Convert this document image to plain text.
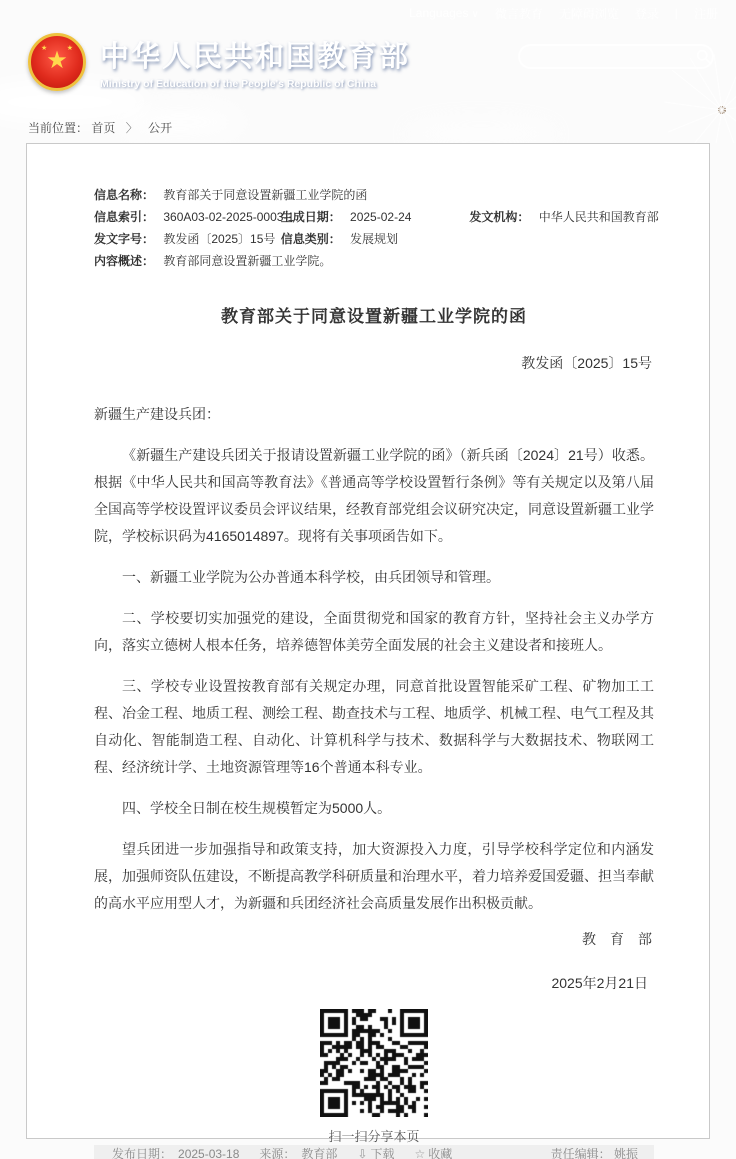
Languages ∨ 微言教育 无障碍浏览 登录 | 注册
★
★	★ 中华人民共和国教育部
Ministry of Education of the People's Republic of China
当前位置： 首页 〉 公开
信息名称： 教育部关于同意设置新疆工业学院的函
信息索引： 360A03-02-2025-0003-1 生成日期： 2025-02-24	发文机构： 中华人民共和国教育部
发文字号： 教发函〔2025〕15号 信息类别： 发展规划
内容概述： 教育部同意设置新疆工业学院。
教育部关于同意设置新疆工业学院的函
教发函〔2025〕15号
新疆生产建设兵团：

《新疆生产建设兵团关于报请设置新疆工业学院的函》（新兵函〔2024〕21号）收悉。根据《中华人民共和国高等教育法》《普通高等学校设置暂行条例》等有关规定以及第八届全国高等学校设置评议委员会评议结果，经教育部党组会议研究决定，同意设置新疆工业学院，学校标识码为4165014897。现将有关事项函告如下。

一、新疆工业学院为公办普通本科学校，由兵团领导和管理。

二、学校要切实加强党的建设，全面贯彻党和国家的教育方针，坚持社会主义办学方向，落实立德树人根本任务，培养德智体美劳全面发展的社会主义建设者和接班人。

三、学校专业设置按教育部有关规定办理，同意首批设置智能采矿工程、矿物加工工程、冶金工程、地质工程、测绘工程、勘查技术与工程、地质学、机械工程、电气工程及其自动化、智能制造工程、自动化、计算机科学与技术、数据科学与大数据技术、物联网工程、经济统计学、土地资源管理等16个普通本科专业。

四、学校全日制在校生规模暂定为5000人。

望兵团进一步加强指导和政策支持，加大资源投入力度，引导学校科学定位和内涵发展，加强师资队伍建设，不断提高教学科研质量和治理水平，着力培养爱国爱疆、担当奉献的高水平应用型人才，为新疆和兵团经济社会高质量发展作出积极贡献。

教　育　部
2025年2月21日
扫一扫分享本页
发布日期： 2025-03-18 来源： 教育部 ⇩ 下载 ☆ 收藏	责任编辑： 姚振
